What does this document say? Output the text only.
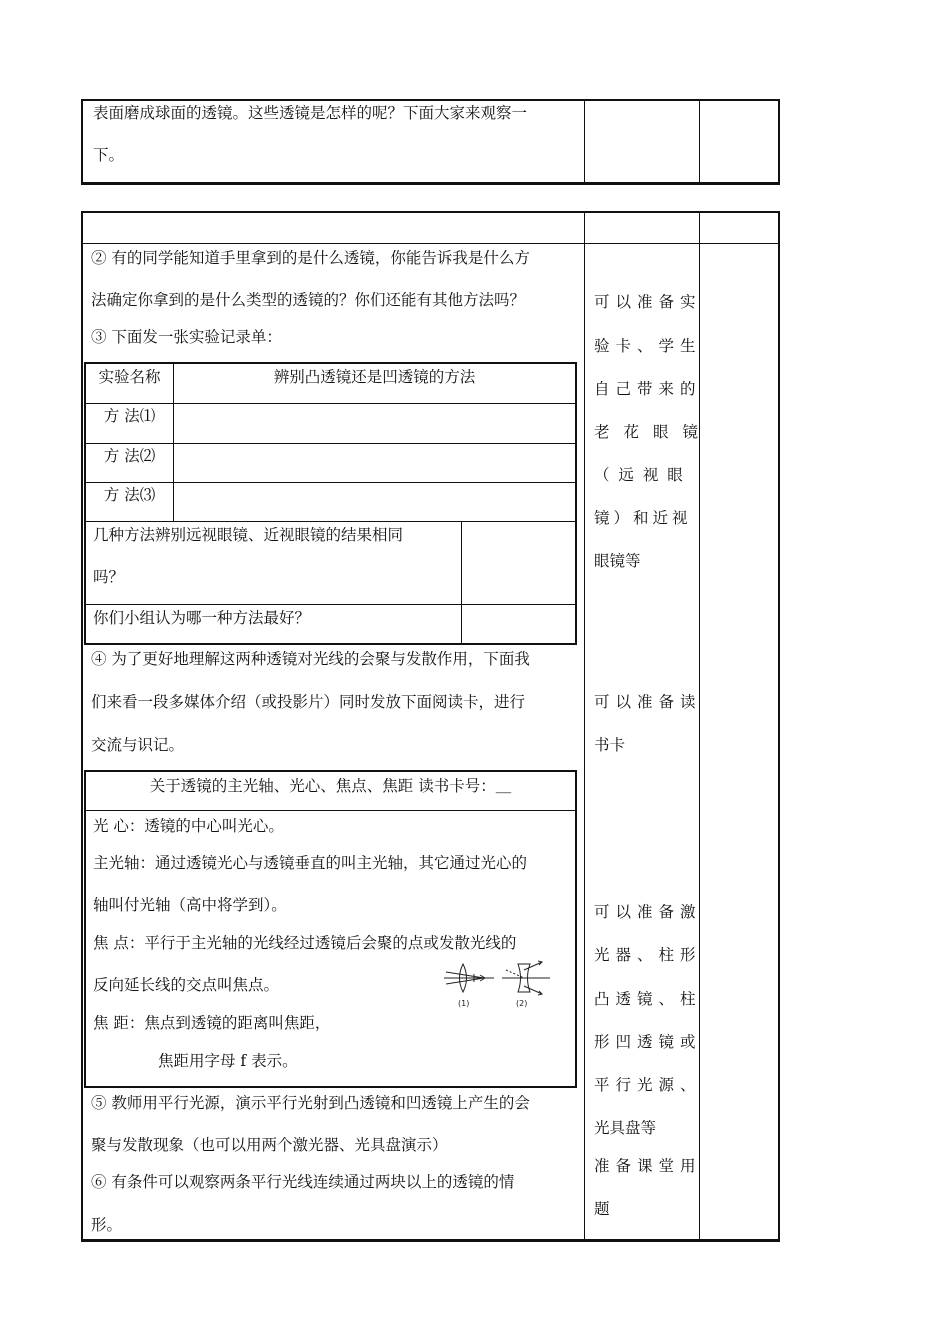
表面磨成球面的透镜。这些透镜是怎样的呢？下面大家来观察一
下。
② 有的同学能知道手里拿到的是什么透镜，你能告诉我是什么方
法确定你拿到的是什么类型的透镜的？你们还能有其他方法吗？
③ 下面发一张实验记录单：
实验名称	辨别凸透镜还是凹透镜的方法
方 法⑴
方 法⑵
方 法⑶
几种方法辨别远视眼镜、近视眼镜的结果相同
吗？
你们小组认为哪一种方法最好？
④ 为了更好地理解这两种透镜对光线的会聚与发散作用，下面我
们来看一段多媒体介绍（或投影片）同时发放下面阅读卡，进行
交流与识记。
关于透镜的主光轴、光心、焦点、焦距 读书卡号：＿
光 心：透镜的中心叫光心。
主光轴：通过透镜光心与透镜垂直的叫主光轴，其它通过光心的
轴叫付光轴（高中将学到）。
焦 点：平行于主光轴的光线经过透镜后会聚的点或发散光线的
反向延长线的交点叫焦点。
焦 距：焦点到透镜的距离叫焦距，
焦距用字母 f 表示。
(1)	(2)
⑤ 教师用平行光源，演示平行光射到凸透镜和凹透镜上产生的会
聚与发散现象（也可以用两个激光器、光具盘演示）
⑥ 有条件可以观察两条平行光线连续通过两块以上的透镜的情
形。
可以准备实
验卡、学生
自己带来的
老花眼镜
（ 远 视 眼
镜）和近视
眼镜等
可以准备读
书卡
可以准备激
光器、柱形
凸透镜、柱
形凹透镜或
平行光源、
光具盘等
准备课堂用
题
